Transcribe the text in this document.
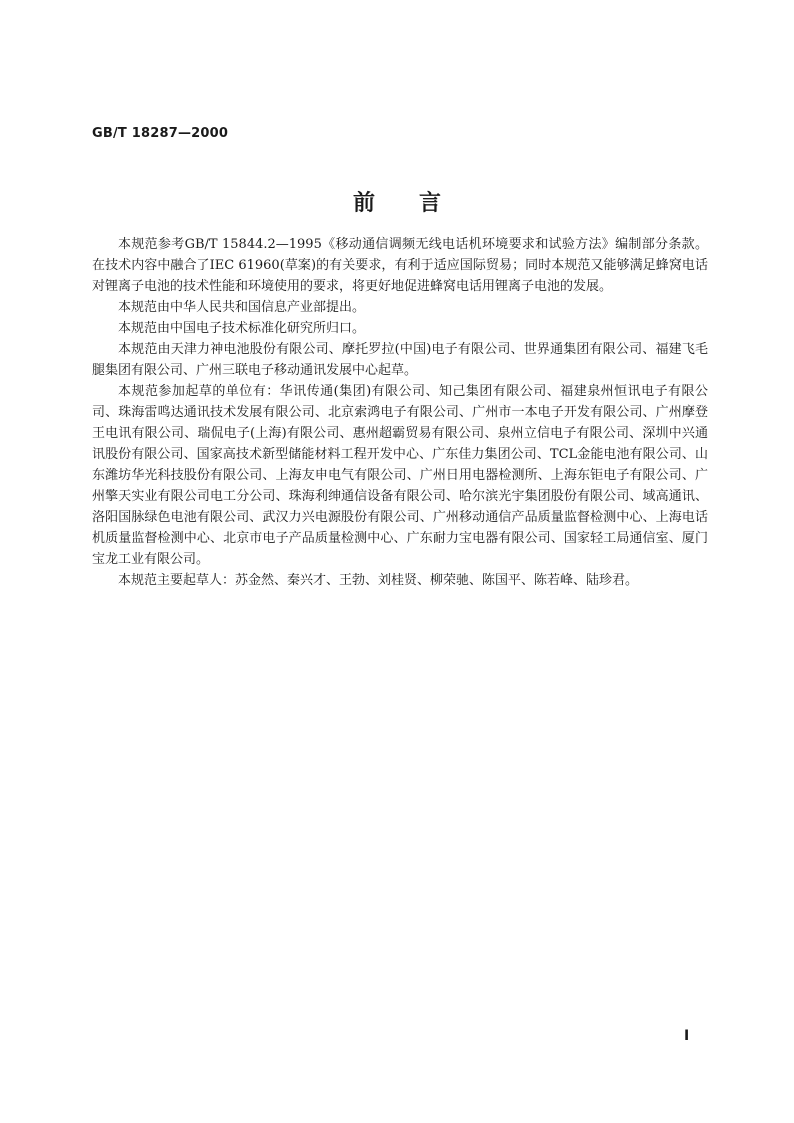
GB/T 18287—2000
前言

本规范参考GB/T 15844.2—1995《移动通信调频无线电话机环境要求和试验方法》编制部分条款。在技术内容中融合了IEC 61960(草案)的有关要求，有利于适应国际贸易；同时本规范又能够满足蜂窝电话对锂离子电池的技术性能和环境使用的要求，将更好地促进蜂窝电话用锂离子电池的发展。

本规范由中华人民共和国信息产业部提出。

本规范由中国电子技术标准化研究所归口。

本规范由天津力神电池股份有限公司、摩托罗拉(中国)电子有限公司、世界通集团有限公司、福建飞毛腿集团有限公司、广州三联电子移动通讯发展中心起草。

本规范参加起草的单位有：华讯传通(集团)有限公司、知己集团有限公司、福建泉州恒讯电子有限公司、珠海雷鸣达通讯技术发展有限公司、北京索鸿电子有限公司、广州市一本电子开发有限公司、广州摩登王电讯有限公司、瑞侃电子(上海)有限公司、惠州超霸贸易有限公司、泉州立信电子有限公司、深圳中兴通讯股份有限公司、国家高技术新型储能材料工程开发中心、广东佳力集团公司、TCL金能电池有限公司、山东潍坊华光科技股份有限公司、上海友申电气有限公司、广州日用电器检测所、上海东钜电子有限公司、广州擎天实业有限公司电工分公司、珠海利绅通信设备有限公司、哈尔滨光宇集团股份有限公司、域高通讯、洛阳国脉绿色电池有限公司、武汉力兴电源股份有限公司、广州移动通信产品质量监督检测中心、上海电话机质量监督检测中心、北京市电子产品质量检测中心、广东耐力宝电器有限公司、国家轻工局通信室、厦门宝龙工业有限公司。

本规范主要起草人：苏金然、秦兴才、王勃、刘桂贤、柳荣驰、陈国平、陈若峰、陆珍君。

I
